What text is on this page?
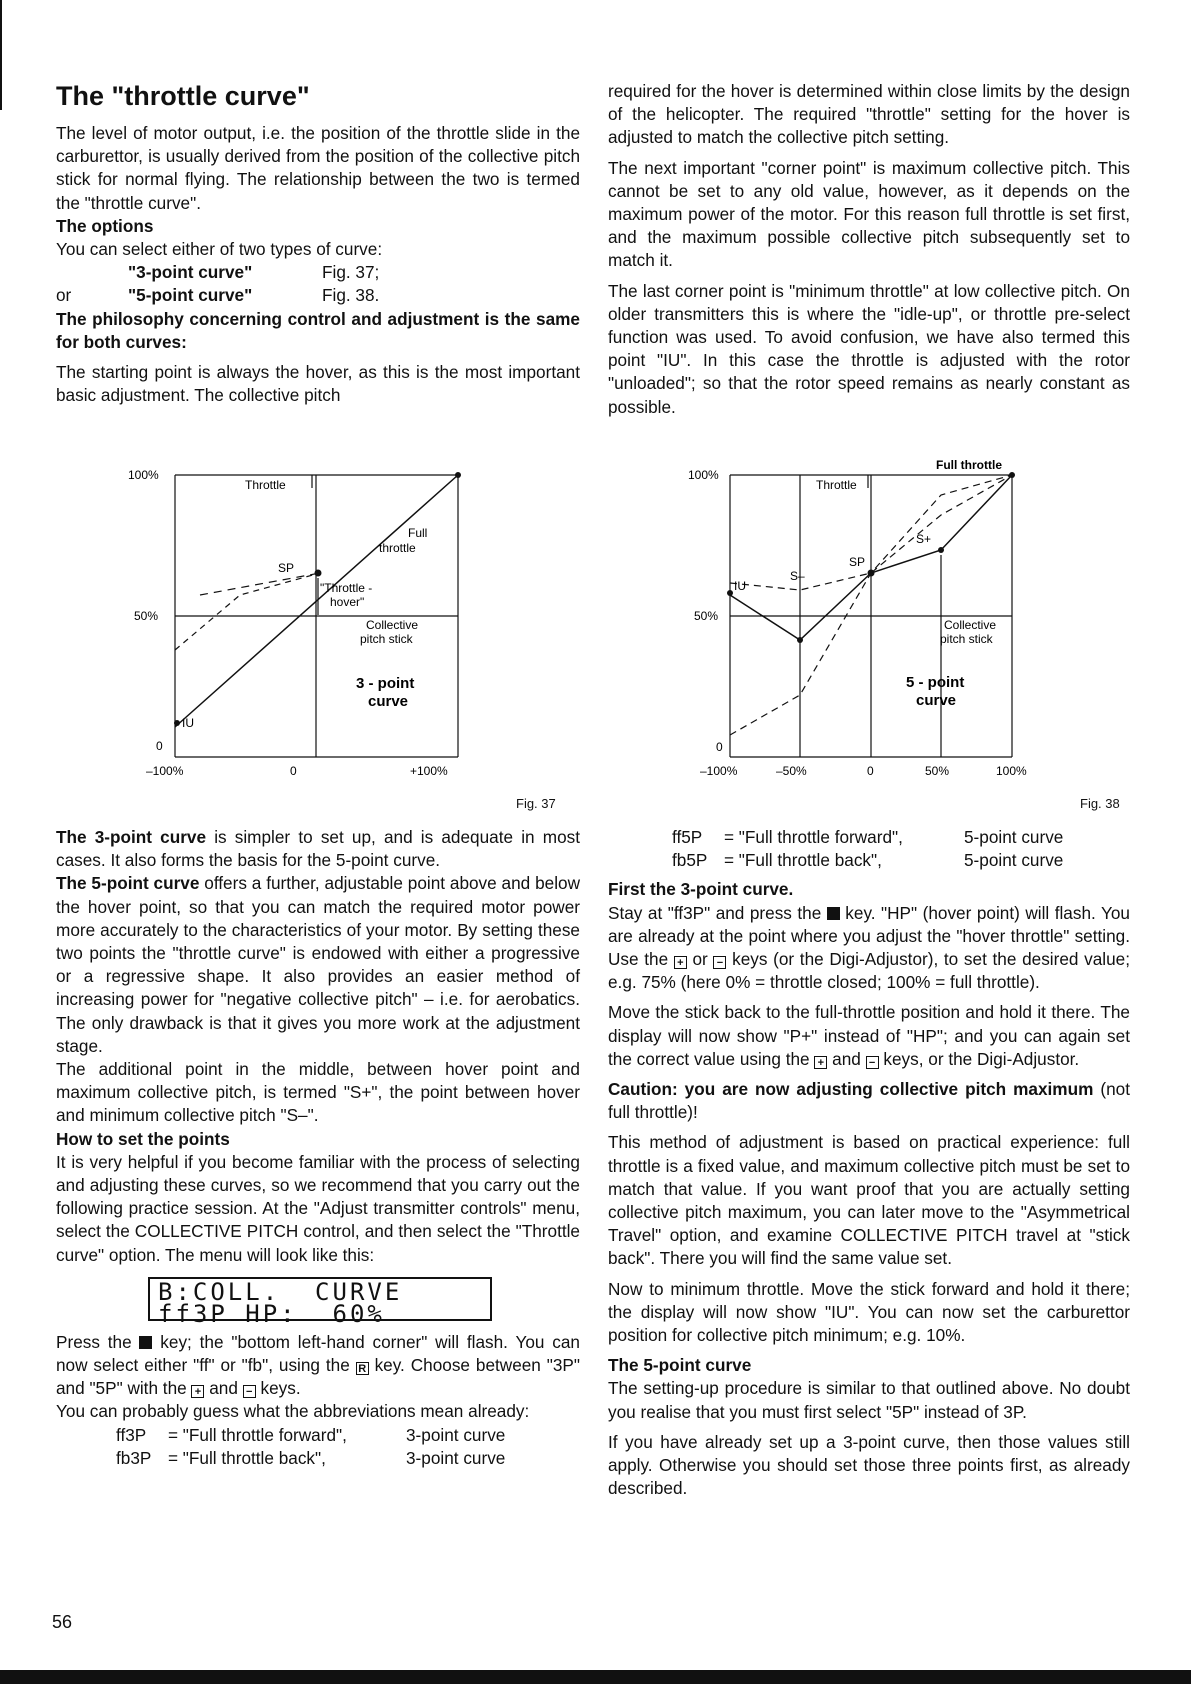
The "throttle curve"

The level of motor output, i.e. the position of the throttle slide in the carburettor, is usually derived from the position of the collective pitch stick for normal flying. The relationship between the two is termed the "throttle curve".

The options

You can select either of two types of curve:

"3-point curve"	Fig. 37;
or	"5-point curve"	Fig. 38.

The philosophy concerning control and adjustment is the same for both curves:

The starting point is always the hover, as this is the most important basic adjustment. The collective pitch

required for the hover is determined within close limits by the design of the helicopter. The required "throttle" setting for the hover is adjusted to match the collective pitch setting.

The next important "corner point" is maximum collective pitch. This cannot be set to any old value, however, as it depends on the maximum power of the motor. For this reason full throttle is set first, and the maximum possible collective pitch subsequently set to match it.

The last corner point is "minimum throttle" at low collective pitch. On older transmitters this is where the "idle-up", or throttle pre-select function was used. To avoid confusion, we have also termed this point "IU". In this case the throttle is adjusted with the rotor "unloaded"; so that the rotor speed remains as nearly constant as possible.

100%
50%
0
–100%	0	+100%
Throttle
Full
throttle
SP
"Throttle -
hover"
Collective
pitch stick
3 - point
curve
IU
Fig. 37
100%
50%
0
–100%	–50%	0	50%	100%
Full throttle
Throttle
SP
S+
S–
IU
Collective
pitch stick
5 - point
curve
Fig. 38

The 3-point curve is simpler to set up, and is adequate in most cases. It also forms the basis for the 5-point curve.

The 5-point curve offers a further, adjustable point above and below the hover point, so that you can match the required motor power more accurately to the characteristics of your motor. By setting these two points the "throttle curve" is endowed with either a progressive or a regressive shape. It also provides an easier method of increasing power for "negative collective pitch" – i.e. for aerobatics. The only drawback is that it gives you more work at the adjustment stage.

The additional point in the middle, between hover point and maximum collective pitch, is termed "S+", the point between hover and minimum collective pitch "S–".

How to set the points

It is very helpful if you become familiar with the process of selecting and adjusting these curves, so we recommend that you carry out the following practice session. At the "Adjust transmitter controls" menu, select the COLLECTIVE PITCH control, and then select the "Throttle curve" option. The menu will look like this:

B:COLL.  CURVE
ff3P HP:  60%

Press the  key; the "bottom left-hand corner" will flash. You can now select either "ff" or "fb", using the R key. Choose between "3P" and "5P" with the + and − keys.

You can probably guess what the abbreviations mean already:

ff3P	= "Full throttle forward",	3-point curve
fb3P = "Full throttle back",	3-point curve
ff5P	= "Full throttle forward",	5-point curve
fb5P = "Full throttle back",	5-point curve

First the 3-point curve.

Stay at "ff3P" and press the  key. "HP" (hover point) will flash. You are already at the point where you adjust the "hover throttle" setting. Use the + or − keys (or the Digi-Adjustor), to set the desired value; e.g. 75% (here 0% = throttle closed; 100% = full throttle).

Move the stick back to the full-throttle position and hold it there. The display will now show "P+" instead of "HP"; and you can again set the correct value using the + and − keys, or the Digi-Adjustor.

Caution: you are now adjusting collective pitch maximum (not full throttle)!

This method of adjustment is based on practical experience: full throttle is a fixed value, and maximum collective pitch must be set to match that value. If you want proof that you are actually setting collective pitch maximum, you can later move to the "Asymmetrical Travel" option, and examine COLLECTIVE PITCH travel at "stick back". There you will find the same value set.

Now to minimum throttle. Move the stick forward and hold it there; the display will now show "IU". You can now set the carburettor position for collective pitch minimum; e.g. 10%.

The 5-point curve

The setting-up procedure is similar to that outlined above. No doubt you realise that you must first select "5P" instead of 3P.

If you have already set up a 3-point curve, then those values still apply. Otherwise you should set those three points first, as already described.

56
